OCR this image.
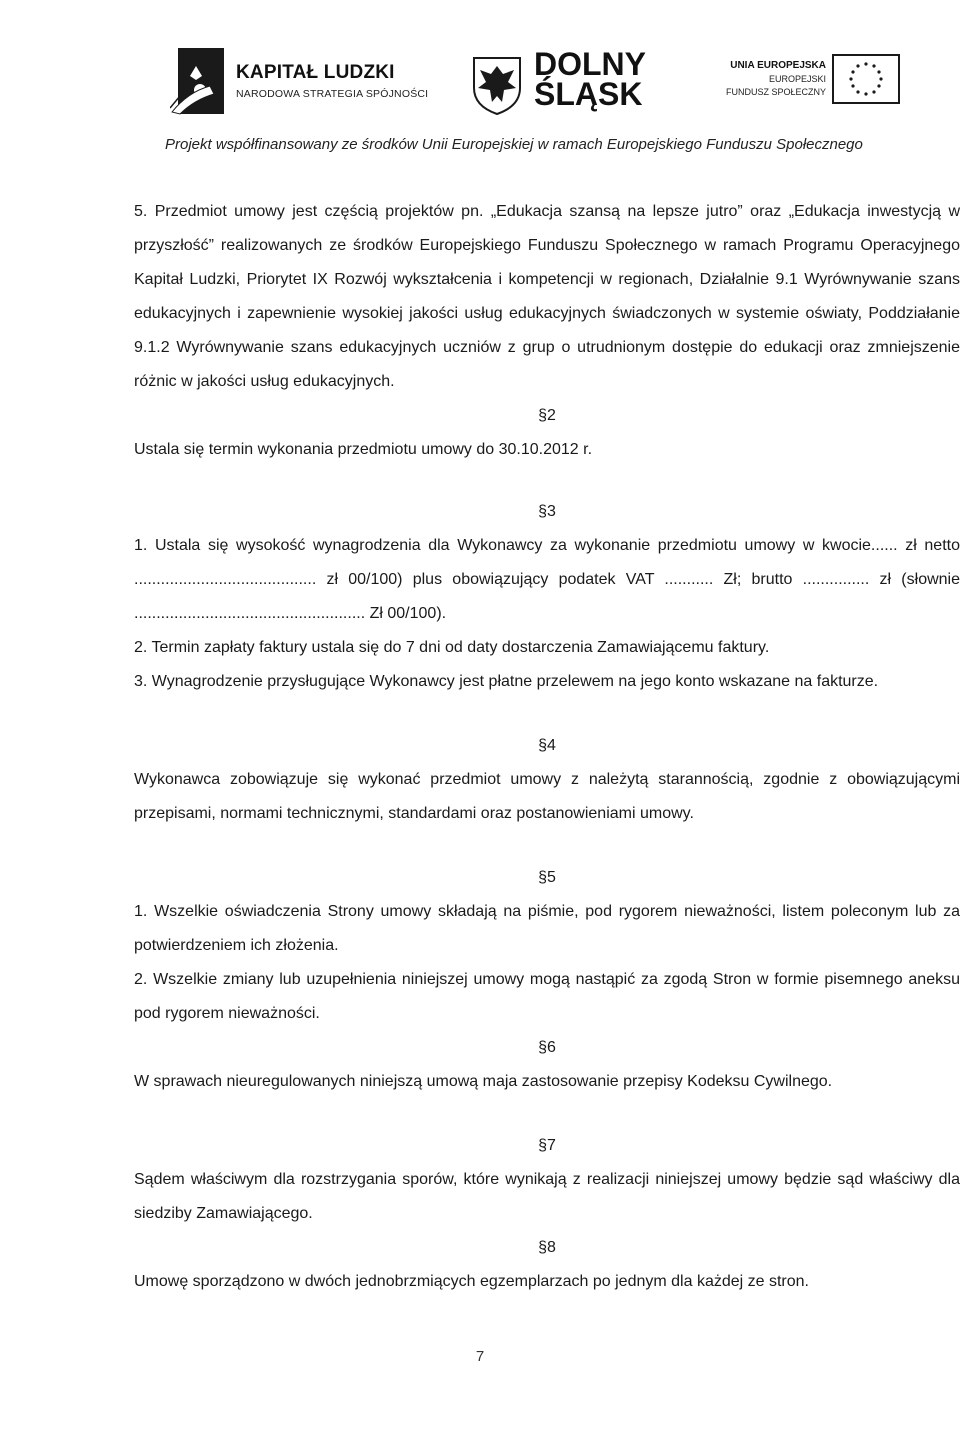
KAPITAŁ LUDZKI
NARODOWA STRATEGIA SPÓJNOŚCI
DOLNY
ŚLĄSK
UNIA EUROPEJSKA
EUROPEJSKI
FUNDUSZ SPOŁECZNY
Projekt współfinansowany ze środków Unii Europejskiej w ramach Europejskiego Funduszu Społecznego

5. Przedmiot umowy jest częścią projektów pn. „Edukacja szansą na lepsze jutro” oraz „Edukacja inwestycją w przyszłość” realizowanych ze środków Europejskiego Funduszu Społecznego w ramach Programu Operacyjnego Kapitał Ludzki, Priorytet IX Rozwój wykształcenia i kompetencji w regionach, Działalnie 9.1 Wyrównywanie szans edukacyjnych i zapewnienie wysokiej jakości usług edukacyjnych świadczonych w systemie oświaty, Poddziałanie 9.1.2 Wyrównywanie szans edukacyjnych uczniów z grup o utrudnionym dostępie do edukacji oraz zmniejszenie różnic w jakości usług edukacyjnych.

§2

Ustala się termin wykonania przedmiotu umowy do 30.10.2012 r.

§3

1. Ustala się wysokość wynagrodzenia dla Wykonawcy za wykonanie przedmiotu umowy w kwocie...... zł netto ......................................... zł 00/100) plus obowiązujący podatek VAT ........... Zł; brutto ............... zł (słownie .................................................... Zł 00/100).

2. Termin zapłaty faktury ustala się do 7 dni od daty dostarczenia Zamawiającemu faktury.

3. Wynagrodzenie przysługujące Wykonawcy jest płatne przelewem na jego konto wskazane na fakturze.

§4

Wykonawca zobowiązuje się wykonać przedmiot umowy z należytą starannością, zgodnie z obowiązującymi przepisami, normami technicznymi, standardami oraz postanowieniami umowy.

§5

1. Wszelkie oświadczenia Strony umowy składają na piśmie, pod rygorem nieważności, listem poleconym lub za potwierdzeniem ich złożenia.

2. Wszelkie zmiany lub uzupełnienia niniejszej umowy mogą nastąpić za zgodą Stron w formie pisemnego aneksu pod rygorem nieważności.

§6

W sprawach nieuregulowanych niniejszą umową maja zastosowanie przepisy Kodeksu Cywilnego.

§7

Sądem właściwym dla rozstrzygania sporów, które wynikają z realizacji niniejszej umowy będzie sąd właściwy dla siedziby Zamawiającego.

§8

Umowę sporządzono w dwóch jednobrzmiących egzemplarzach po jednym dla każdej ze stron.

7
